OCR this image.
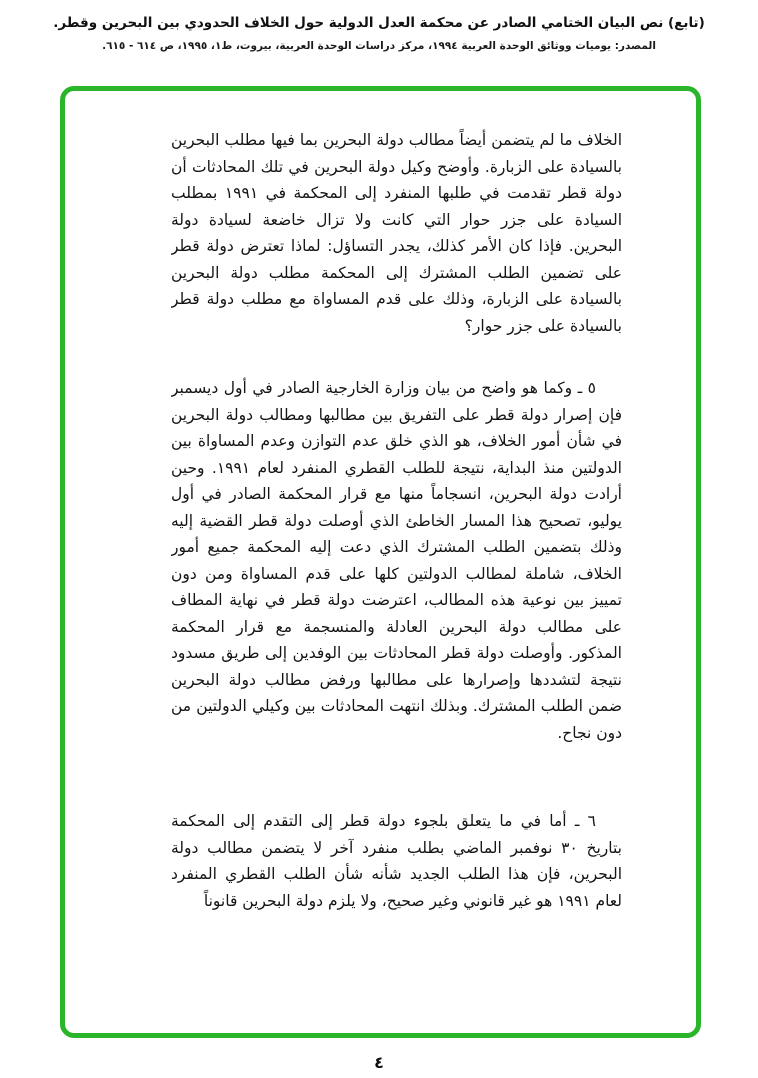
(تابع) نص البيان الختامي الصادر عن محكمة العدل الدولية حول الخلاف الحدودي بين البحرين وقطر.
المصدر: يوميات ووثائق الوحدة العربية ١٩٩٤، مركز دراسات الوحدة العربية، بيروت، ط١، ١٩٩٥، ص ٦١٤ - ٦١٥.

الخلاف ما لم يتضمن أيضاً مطالب دولة البحرين بما فيها مطلب البحرين بالسيادة على الزبارة. وأوضح وكيل دولة البحرين في تلك المحادثات أن دولة قطر تقدمت في طلبها المنفرد إلى المحكمة في ١٩٩١ بمطلب السيادة على جزر حوار التي كانت ولا تزال خاضعة لسيادة دولة البحرين. فإذا كان الأمر كذلك، يجدر التساؤل: لماذا تعترض دولة قطر على تضمين الطلب المشترك إلى المحكمة مطلب دولة البحرين بالسيادة على الزبارة، وذلك على قدم المساواة مع مطلب دولة قطر بالسيادة على جزر حوار؟

٥ ـ وكما هو واضح من بيان وزارة الخارجية الصادر في أول ديسمبر فإن إصرار دولة قطر على التفريق بين مطالبها ومطالب دولة البحرين في شأن أمور الخلاف، هو الذي خلق عدم التوازن وعدم المساواة بين الدولتين منذ البداية، نتيجة للطلب القطري المنفرد لعام ١٩٩١. وحين أرادت دولة البحرين، انسجاماً منها مع قرار المحكمة الصادر في أول يوليو، تصحيح هذا المسار الخاطئ الذي أوصلت دولة قطر القضية إليه وذلك بتضمين الطلب المشترك الذي دعت إليه المحكمة جميع أمور الخلاف، شاملة لمطالب الدولتين كلها على قدم المساواة ومن دون تمييز بين نوعية هذه المطالب، اعترضت دولة قطر في نهاية المطاف على مطالب دولة البحرين العادلة والمنسجمة مع قرار المحكمة المذكور. وأوصلت دولة قطر المحادثات بين الوفدين إلى طريق مسدود نتيجة لتشددها وإصرارها على مطالبها ورفض مطالب دولة البحرين ضمن الطلب المشترك. وبذلك انتهت المحادثات بين وكيلي الدولتين من دون نجاح.

٦ ـ أما في ما يتعلق بلجوء دولة قطر إلى التقدم إلى المحكمة بتاريخ ٣٠ نوفمبر الماضي بطلب منفرد آخر لا يتضمن مطالب دولة البحرين، فإن هذا الطلب الجديد شأنه شأن الطلب القطري المنفرد لعام ١٩٩١ هو غير قانوني وغير صحيح، ولا يلزم دولة البحرين قانوناً

٤
